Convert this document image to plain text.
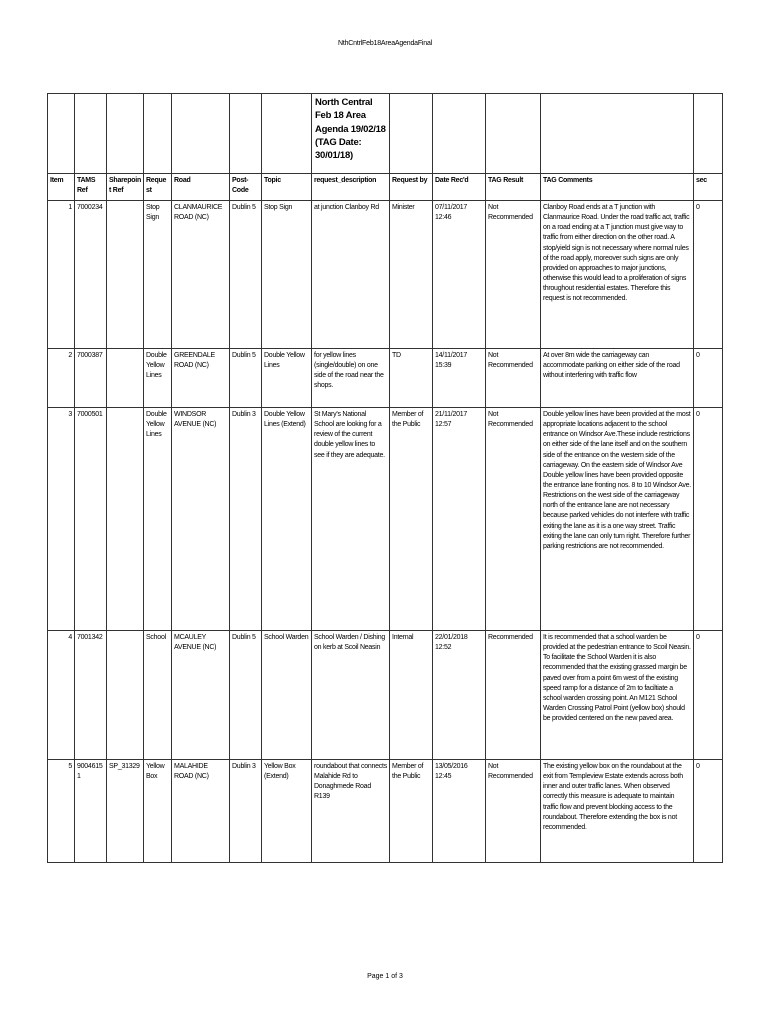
NthCntrlFeb18AreaAgendaFinal
							North Central Feb 18 Area Agenda 19/02/18 (TAG Date: 30/01/18)					
Item	TAMS Ref	Sharepoint Ref	Request	Road	Post-Code	Topic	request_description	Request by	Date Rec'd	TAG Result	TAG Comments	sec
1	7000234		Stop Sign	CLANMAURICE ROAD (NC)	Dublin 5	Stop Sign	at junction Clanboy Rd	Minister	07/11/2017 12:46	Not Recommended	Clanboy Road ends at a T junction with Clanmaurice Road. Under the road traffic act, traffic on a road ending at a T junction must give way to traffic from either direction on the other road. A stop/yield sign is not necessary where normal rules of the road apply, moreover such signs are only provided on approaches to major junctions, otherwise this would lead to a proliferation of signs throughout residential estates. Therefore this request is not recommended.	0
2	7000387		Double Yellow Lines	GREENDALE ROAD (NC)	Dublin 5	Double Yellow Lines	for yellow lines (single/double) on one side of the road near the shops.	TD	14/11/2017 15:39	Not Recommended	At over 8m wide the carriageway can accommodate parking on either side of the road without interfering with traffic flow	0
3	7000501		Double Yellow Lines	WINDSOR AVENUE (NC)	Dublin 3	Double Yellow Lines (Extend)	St Mary's National School are looking for a review of the current double yellow lines to see if they are adequate.	Member of the Public	21/11/2017 12:57	Not Recommended	Double yellow lines have been provided at the most appropriate locations adjacent to the school entrance on Windsor Ave.These include restrictions on either side of the lane itself and on the southern side of the entrance on the western side of the carriageway. On the eastern side of Windsor Ave Double yellow lines have been provided opposite the entrance lane fronting nos. 8 to 10 Windsor Ave. Restrictions on the west side of the carriageway north of the entrance lane are not necessary because parked vehicles do not interfere with traffic exiting the lane as it is a one way street. Traffic exiting the lane can only turn right. Therefore further parking restrictions are not recommended.	0
4	7001342		School	MCAULEY AVENUE (NC)	Dublin 5	School Warden	School Warden / Dishing on kerb at Scoil Neasin	Internal	22/01/2018 12:52	Recommended	It is recommended that a school warden be provided at the pedestrian entrance to Scoil Neasin. To facilitate the School Warden it is also recommended that the existing grassed margin be paved over from a point 6m west of the existing speed ramp for a distance of 2m to faciltiate a school warden crossing point. An M121 School Warden Crossing Patrol Point (yellow box) should be provided centered on the new paved area.	0
5	90046151	SP_31329	Yellow Box	MALAHIDE ROAD (NC)	Dublin 3	Yellow Box (Extend)	roundabout that connects Malahide Rd to Donaghmede Road R139	Member of the Public	13/05/2016 12:45	Not Recommended	The existing yellow box on the roundabout at the exit from Templeview Estate extends across both inner and outer traffic lanes. When observed correctly this measure is adequate to maintain traffic flow and prevent blocking access to the roundabout. Therefore extending the box is not recommended.	0
Page 1 of 3
